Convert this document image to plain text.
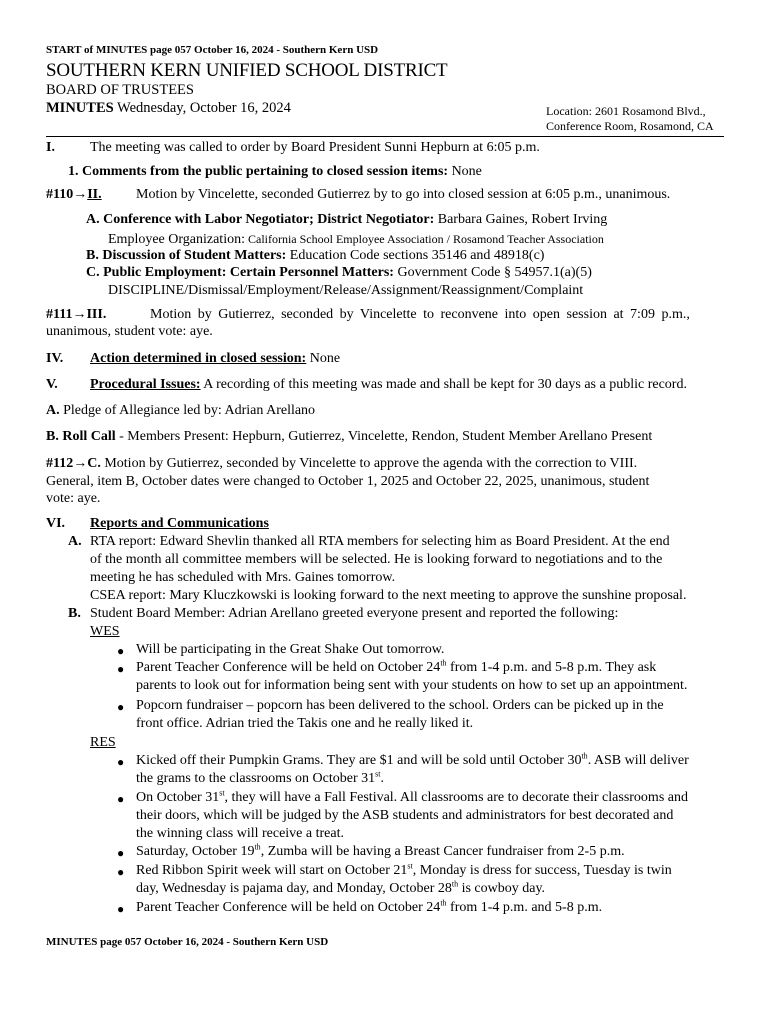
START of MINUTES page 057 October 16, 2024 - Southern Kern USD
SOUTHERN KERN UNIFIED SCHOOL DISTRICT
BOARD OF TRUSTEES
MINUTES Wednesday, October 16, 2024	Location: 2601 Rosamond Blvd.,
Conference Room, Rosamond, CA
I.	The meeting was called to order by Board President Sunni Hepburn at 6:05 p.m.
1. Comments from the public pertaining to closed session items: None
#110→II. Motion by Vincelette, seconded Gutierrez by to go into closed session at 6:05 p.m., unanimous.
A. Conference with Labor Negotiator; District Negotiator: Barbara Gaines, Robert Irving
Employee Organization: California School Employee Association / Rosamond Teacher Association
B. Discussion of Student Matters: Education Code sections 35146 and 48918(c)
C. Public Employment: Certain Personnel Matters: Government Code § 54957.1(a)(5)
DISCIPLINE/Dismissal/Employment/Release/Assignment/Reassignment/Complaint
#111→III.	Motion by Gutierrez, seconded by Vincelette to reconvene into open session at 7:09 p.m.,
unanimous, student vote: aye.
IV. Action determined in closed session: None
V. Procedural Issues: A recording of this meeting was made and shall be kept for 30 days as a public record.
A. Pledge of Allegiance led by: Adrian Arellano
B. Roll Call - Members Present: Hepburn, Gutierrez, Vincelette, Rendon, Student Member Arellano Present
#112→C. Motion by Gutierrez, seconded by Vincelette to approve the agenda with the correction to VIII.
General, item B, October dates were changed to October 1, 2025 and October 22, 2025, unanimous, student
vote: aye.
VI. Reports and Communications
A. RTA report: Edward Shevlin thanked all RTA members for selecting him as Board President. At the end
of the month all committee members will be selected. He is looking forward to negotiations and to the
meeting he has scheduled with Mrs. Gaines tomorrow.
CSEA report: Mary Kluczkowski is looking forward to the next meeting to approve the sunshine proposal.
B. Student Board Member: Adrian Arellano greeted everyone present and reported the following:
WES
● Will be participating in the Great Shake Out tomorrow.
● Parent Teacher Conference will be held on October 24th from 1-4 p.m. and 5-8 p.m. They ask
parents to look out for information being sent with your students on how to set up an appointment.
● Popcorn fundraiser – popcorn has been delivered to the school. Orders can be picked up in the
front office. Adrian tried the Takis one and he really liked it.
RES
● Kicked off their Pumpkin Grams. They are $1 and will be sold until October 30th. ASB will deliver
the grams to the classrooms on October 31st.
● On October 31st, they will have a Fall Festival. All classrooms are to decorate their classrooms and
their doors, which will be judged by the ASB students and administrators for best decorated and
the winning class will receive a treat.
● Saturday, October 19th, Zumba will be having a Breast Cancer fundraiser from 2-5 p.m.
● Red Ribbon Spirit week will start on October 21st, Monday is dress for success, Tuesday is twin
day, Wednesday is pajama day, and Monday, October 28th is cowboy day.
● Parent Teacher Conference will be held on October 24th from 1-4 p.m. and 5-8 p.m.
MINUTES page 057 October 16, 2024 - Southern Kern USD
